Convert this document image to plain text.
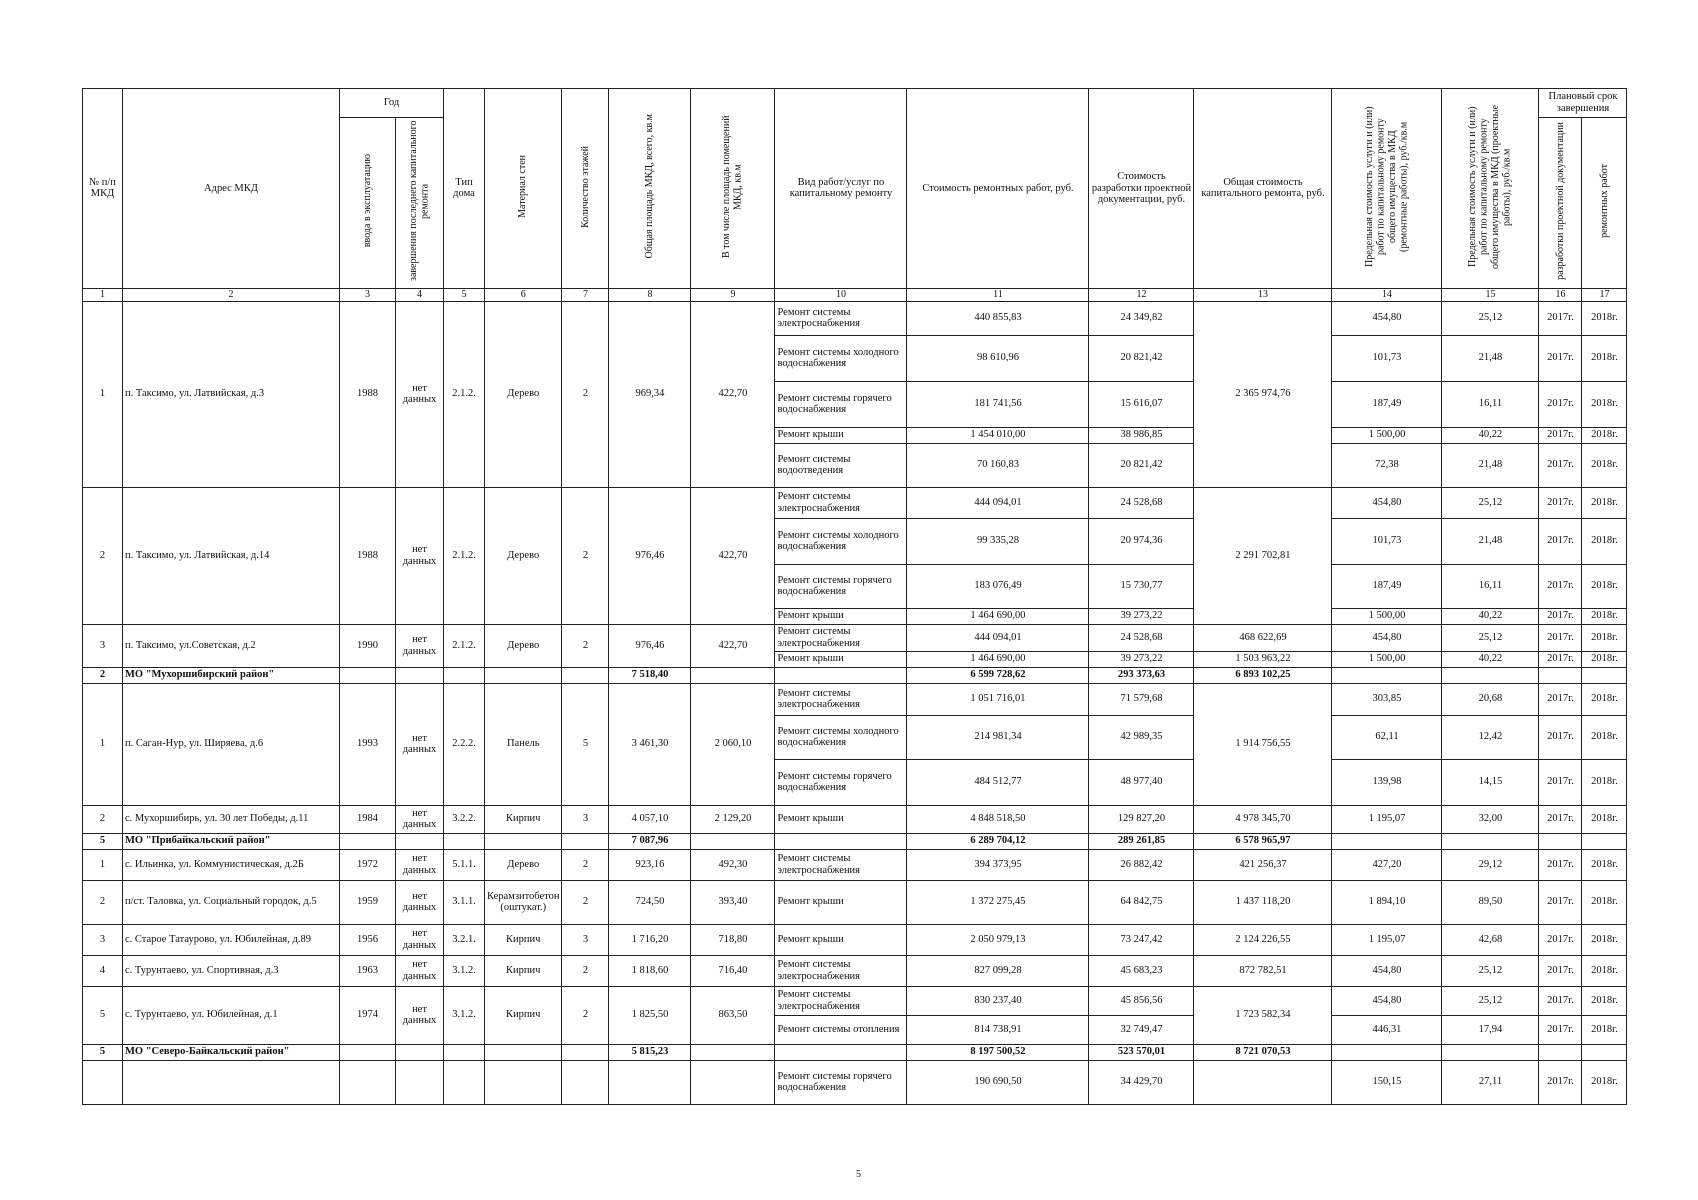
№ п/п МКД	Адрес МКД	Год		Тип дома	Материал стен	Количество этажей	Общая площадь МКД, всего, кв.м	В том числе площадь помещений МКД, кв.м	Вид работ/услуг по капитальному ремонту	Стоимость ремонтных работ, руб.	Стоимость разработки проектной документации, руб.	Общая стоимость капитального ремонта, руб.	Предельная стоимость услуги и (или) работ по капитальному ремонту общего имущества в МКД (ремонтные работы), руб./кв.м	Предельная стоимость услуги и (или) работ по капитальному ремонту общего имущества в МКД (проектные работы), руб./кв.м	Плановый срок завершения	
		ввода в эксплуатацию	завершения последнего капитального ремонта												разработки проектной документации	ремонтных работ
1	2	3	4	5	6	7	8	9	10	11	12	13	14	15	16	17
1	п. Таксимо, ул. Латвийская, д.3	1988	нет данных	2.1.2.	Дерево	2	969,34	422,70	Ремонт системы электроснабжения	440 855,83	24 349,82	2 365 974,76	454,80	25,12	2017г.	2018г.
									Ремонт системы холодного водоснабжения	98 610,96	20 821,42		101,73	21,48	2017г.	2018г.
									Ремонт системы горячего водоснабжения	181 741,56	15 616,07		187,49	16,11	2017г.	2018г.
									Ремонт крыши	1 454 010,00	38 986,85		1 500,00	40,22	2017г.	2018г.
									Ремонт системы водоотведения	70 160,83	20 821,42		72,38	21,48	2017г.	2018г.
2	п. Таксимо, ул. Латвийская, д.14	1988	нет данных	2.1.2.	Дерево	2	976,46	422,70	Ремонт системы электроснабжения	444 094,01	24 528,68	2 291 702,81	454,80	25,12	2017г.	2018г.
									Ремонт системы холодного водоснабжения	99 335,28	20 974,36		101,73	21,48	2017г.	2018г.
									Ремонт системы горячего водоснабжения	183 076,49	15 730,77		187,49	16,11	2017г.	2018г.
									Ремонт крыши	1 464 690,00	39 273,22		1 500,00	40,22	2017г.	2018г.
3	п. Таксимо, ул.Советская, д.2	1990	нет данных	2.1.2.	Дерево	2	976,46	422,70	Ремонт системы электроснабжения	444 094,01	24 528,68	468 622,69	454,80	25,12	2017г.	2018г.
									Ремонт крыши	1 464 690,00	39 273,22	1 503 963,22	1 500,00	40,22	2017г.	2018г.
2	МО "Мухоршибирский район"						7 518,40			6 599 728,62	293 373,63	6 893 102,25				
1	п. Саган-Нур, ул. Ширяева, д.6	1993	нет данных	2.2.2.	Панель	5	3 461,30	2 060,10	Ремонт системы электроснабжения	1 051 716,01	71 579,68	1 914 756,55	303,85	20,68	2017г.	2018г.
									Ремонт системы холодного водоснабжения	214 981,34	42 989,35		62,11	12,42	2017г.	2018г.
									Ремонт системы горячего водоснабжения	484 512,77	48 977,40		139,98	14,15	2017г.	2018г.
2	с. Мухоршибирь, ул. 30 лет Победы, д.11	1984	нет данных	3.2.2.	Кирпич	3	4 057,10	2 129,20	Ремонт крыши	4 848 518,50	129 827,20	4 978 345,70	1 195,07	32,00	2017г.	2018г.
5	МО "Прибайкальский район"						7 087,96			6 289 704,12	289 261,85	6 578 965,97				
1	с. Ильинка, ул. Коммунистическая, д.2Б	1972	нет данных	5.1.1.	Дерево	2	923,16	492,30	Ремонт системы электроснабжения	394 373,95	26 882,42	421 256,37	427,20	29,12	2017г.	2018г.
2	п/ст. Таловка, ул. Социальный городок, д.5	1959	нет данных	3.1.1.	Керамзитобетон (оштукат.)	2	724,50	393,40	Ремонт крыши	1 372 275,45	64 842,75	1 437 118,20	1 894,10	89,50	2017г.	2018г.
3	с. Старое Татаурово, ул. Юбилейная, д.89	1956	нет данных	3.2.1.	Кирпич	3	1 716,20	718,80	Ремонт крыши	2 050 979,13	73 247,42	2 124 226,55	1 195,07	42,68	2017г.	2018г.
4	с. Турунтаево, ул. Спортивная, д.3	1963	нет данных	3.1.2.	Кирпич	2	1 818,60	716,40	Ремонт системы электроснабжения	827 099,28	45 683,23	872 782,51	454,80	25,12	2017г.	2018г.
5	с. Турунтаево, ул. Юбилейная, д.1	1974	нет данных	3.1.2.	Кирпич	2	1 825,50	863,50	Ремонт системы электроснабжения	830 237,40	45 856,56	1 723 582,34	454,80	25,12	2017г.	2018г.
									Ремонт системы отопления	814 738,91	32 749,47		446,31	17,94	2017г.	2018г.
5	МО "Северо-Байкальский район"						5 815,23			8 197 500,52	523 570,01	8 721 070,53				
									Ремонт системы горячего водоснабжения	190 690,50	34 429,70		150,15	27,11	2017г.	2018г.
5
